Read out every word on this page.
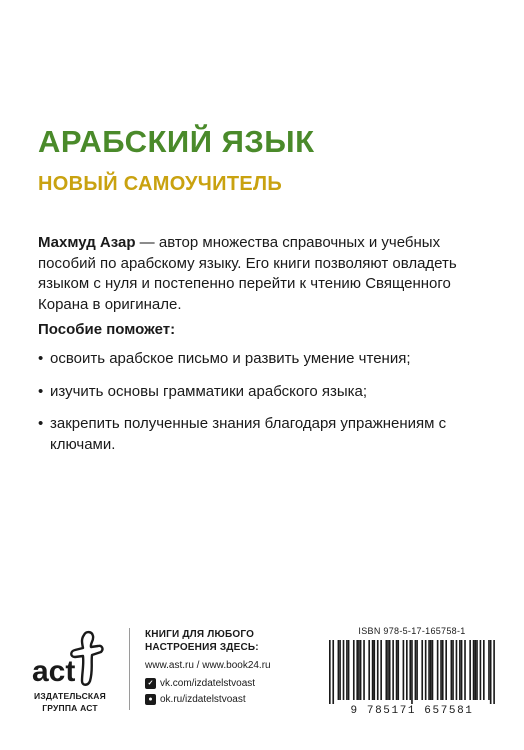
АРАБСКИЙ ЯЗЫК
НОВЫЙ САМОУЧИТЕЛЬ

Махмуд Азар — автор множества справочных и учебных пособий по арабскому языку. Его книги позволяют овладеть языком с нуля и постепенно перейти к чтению Священного Корана в оригинале.

Пособие поможет:
• освоить арабское письмо и развить умение чтения;
• изучить основы грамматики арабского языка;
• закрепить полученные знания благодаря упражнениям с ключами.
act
ИЗДАТЕЛЬСКАЯ ГРУППА АСТ
КНИГИ ДЛЯ ЛЮБОГО НАСТРОЕНИЯ ЗДЕСЬ:
www.ast.ru / www.book24.ru
✓ vk.com/izdatelstvoast
● ok.ru/izdatelstvoast
ISBN 978-5-17-165758-1
9 785171 657581
